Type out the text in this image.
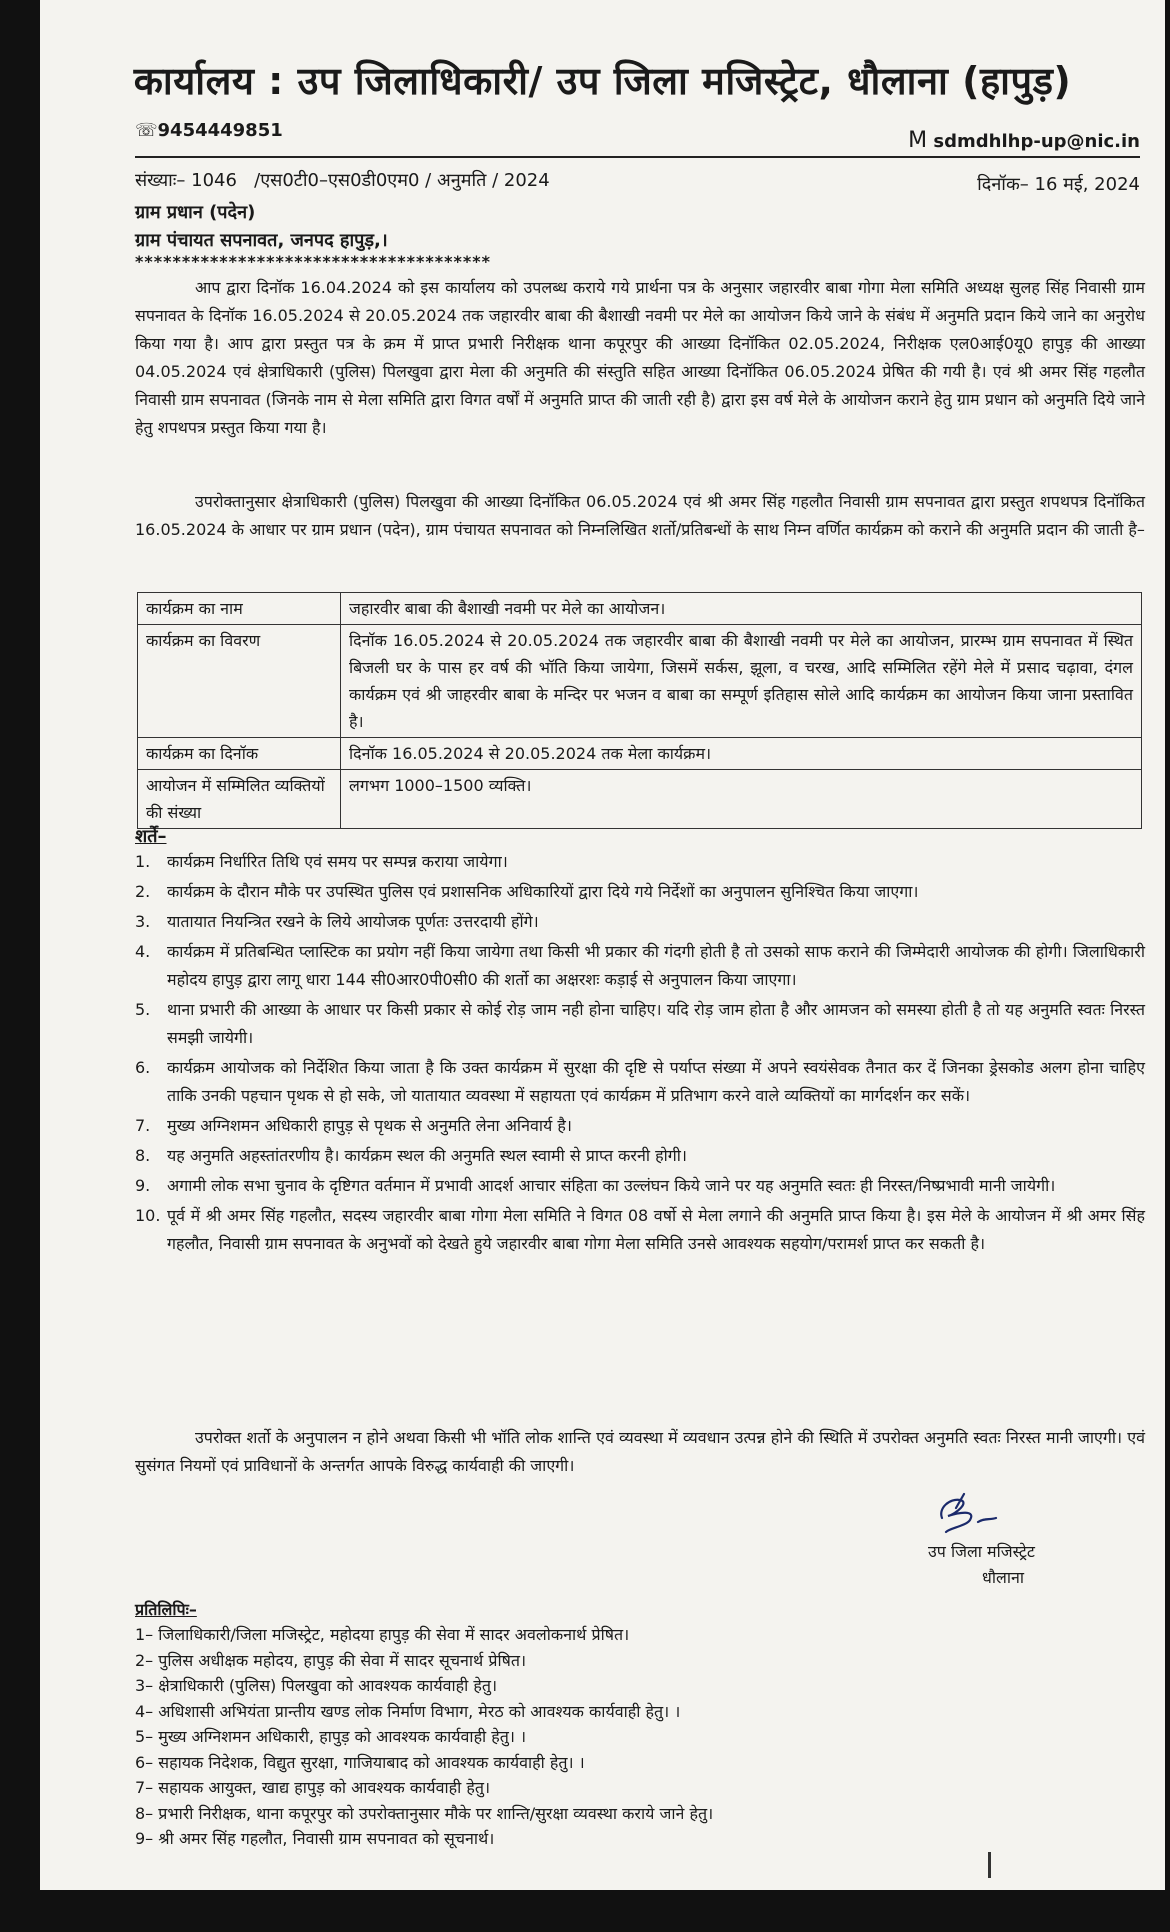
कार्यालय : उप जिलाधिकारी/ उप जिला मजिस्ट्रेट, धौलाना (हापुड़)
☏9454449851	M sdmdhlhp-up@nic.in
संख्याः– 1046   /एस0टी0–एस0डी0एम0 / अनुमति / 2024	दिनॉक– 16 मई, 2024
ग्राम प्रधान (पदेन)
ग्राम पंचायत सपनावत, जनपद हापुड़,।
**************************************
आप द्वारा दिनॉक 16.04.2024 को इस कार्यालय को उपलब्ध कराये गये प्रार्थना पत्र के अनुसार जहारवीर बाबा गोगा मेला समिति अध्यक्ष सुलह सिंह निवासी ग्राम सपनावत के दिनॉक 16.05.2024 से 20.05.2024 तक जहारवीर बाबा की बैशाखी नवमी पर मेले का आयोजन किये जाने के संबंध में अनुमति प्रदान किये जाने का अनुरोध किया गया है। आप द्वारा प्रस्तुत पत्र के क्रम में प्राप्त प्रभारी निरीक्षक थाना कपूरपुर की आख्या दिनॉकित 02.05.2024, निरीक्षक एल0आई0यू0 हापुड़ की आख्या 04.05.2024 एवं क्षेत्राधिकारी (पुलिस) पिलखुवा द्वारा मेला की अनुमति की संस्तुति सहित आख्या दिनॉकित 06.05.2024 प्रेषित की गयी है। एवं श्री अमर सिंह गहलौत निवासी ग्राम सपनावत (जिनके नाम से मेला समिति द्वारा विगत वर्षों में अनुमति प्राप्त की जाती रही है) द्वारा इस वर्ष मेले के आयोजन कराने हेतु ग्राम प्रधान को अनुमति दिये जाने हेतु शपथपत्र प्रस्तुत किया गया है।
उपरोक्तानुसार क्षेत्राधिकारी (पुलिस) पिलखुवा की आख्या दिनॉकित 06.05.2024 एवं श्री अमर सिंह गहलौत निवासी ग्राम सपनावत द्वारा प्रस्तुत शपथपत्र दिनॉकित 16.05.2024 के आधार पर ग्राम प्रधान (पदेन), ग्राम पंचायत सपनावत को निम्नलिखित शर्तो/प्रतिबन्धों के साथ निम्न वर्णित कार्यक्रम को कराने की अनुमति प्रदान की जाती है–
कार्यक्रम का नाम	जहारवीर बाबा की बैशाखी नवमी पर मेले का आयोजन।
कार्यक्रम का विवरण	दिनॉक 16.05.2024 से 20.05.2024 तक जहारवीर बाबा की बैशाखी नवमी पर मेले का आयोजन, प्रारम्भ ग्राम सपनावत में स्थित बिजली घर के पास हर वर्ष की भॉति किया जायेगा, जिसमें सर्कस, झूला, व चरख, आदि सम्मिलित रहेंगे मेले में प्रसाद चढ़ावा, दंगल कार्यक्रम एवं श्री जाहरवीर बाबा के मन्दिर पर भजन व बाबा का सम्पूर्ण इतिहास सोले आदि कार्यक्रम का आयोजन किया जाना प्रस्तावित है।
कार्यक्रम का दिनॉक	दिनॉक 16.05.2024 से 20.05.2024 तक मेला कार्यक्रम।
आयोजन में सम्मिलित व्यक्तियों की संख्या	लगभग 1000–1500 व्यक्ति।
शर्ते–
1. कार्यक्रम निर्धारित तिथि एवं समय पर सम्पन्न कराया जायेगा।
2. कार्यक्रम के दौरान मौके पर उपस्थित पुलिस एवं प्रशासनिक अधिकारियों द्वारा दिये गये निर्देशों का अनुपालन सुनिश्चित किया जाएगा।
3. यातायात नियन्त्रित रखने के लिये आयोजक पूर्णतः उत्तरदायी होंगे।
4. कार्यक्रम में प्रतिबन्धित प्लास्टिक का प्रयोग नहीं किया जायेगा तथा किसी भी प्रकार की गंदगी होती है तो उसको साफ कराने की जिम्मेदारी आयोजक की होगी। जिलाधिकारी महोदय हापुड़ द्वारा लागू धारा 144 सी0आर0पी0सी0 की शर्तो का अक्षरशः कड़ाई से अनुपालन किया जाएगा।
5. थाना प्रभारी की आख्या के आधार पर किसी प्रकार से कोई रोड़ जाम नही होना चाहिए। यदि रोड़ जाम होता है और आमजन को समस्या होती है तो यह अनुमति स्वतः निरस्त समझी जायेगी।
6. कार्यक्रम आयोजक को निर्देशित किया जाता है कि उक्त कार्यक्रम में सुरक्षा की दृष्टि से पर्याप्त संख्या में अपने स्वयंसेवक तैनात कर दें जिनका ड्रेसकोड अलग होना चाहिए ताकि उनकी पहचान पृथक से हो सके, जो यातायात व्यवस्था में सहायता एवं कार्यक्रम में प्रतिभाग करने वाले व्यक्तियों का मार्गदर्शन कर सकें।
7. मुख्य अग्निशमन अधिकारी हापुड़ से पृथक से अनुमति लेना अनिवार्य है।
8. यह अनुमति अहस्तांतरणीय है। कार्यक्रम स्थल की अनुमति स्थल स्वामी से प्राप्त करनी होगी।
9. अगामी लोक सभा चुनाव के दृष्टिगत वर्तमान में प्रभावी आदर्श आचार संहिता का उल्लंघन किये जाने पर यह अनुमति स्वतः ही निरस्त/निष्प्रभावी मानी जायेगी।
10. पूर्व में श्री अमर सिंह गहलौत, सदस्य जहारवीर बाबा गोगा मेला समिति ने विगत 08 वर्षो से मेला लगाने की अनुमति प्राप्त किया है। इस मेले के आयोजन में श्री अमर सिंह गहलौत, निवासी ग्राम सपनावत के अनुभवों को देखते हुये जहारवीर बाबा गोगा मेला समिति उनसे आवश्यक सहयोग/परामर्श प्राप्त कर सकती है।
उपरोक्त शर्तो के अनुपालन न होने अथवा किसी भी भॉति लोक शान्ति एवं व्यवस्था में व्यवधान उत्पन्न होने की स्थिति में उपरोक्त अनुमति स्वतः निरस्त मानी जाएगी। एवं सुसंगत नियमों एवं प्राविधानों के अन्तर्गत आपके विरुद्ध कार्यवाही की जाएगी।
उप जिला मजिस्ट्रेट
धौलाना
प्रतिलिपिः–
1– जिलाधिकारी/जिला मजिस्ट्रेट, महोदया हापुड़ की सेवा में सादर अवलोकनार्थ प्रेषित।
2– पुलिस अधीक्षक महोदय, हापुड़ की सेवा में सादर सूचनार्थ प्रेषित।
3– क्षेत्राधिकारी (पुलिस) पिलखुवा को आवश्यक कार्यवाही हेतु।
4– अधिशासी अभियंता प्रान्तीय खण्ड लोक निर्माण विभाग, मेरठ को आवश्यक कार्यवाही हेतु। ।
5– मुख्य अग्निशमन अधिकारी, हापुड़ को आवश्यक कार्यवाही हेतु। ।
6– सहायक निदेशक, विद्युत सुरक्षा, गाजियाबाद को आवश्यक कार्यवाही हेतु। ।
7– सहायक आयुक्त, खाद्य हापुड़ को आवश्यक कार्यवाही हेतु।
8– प्रभारी निरीक्षक, थाना कपूरपुर को उपरोक्तानुसार मौके पर शान्ति/सुरक्षा व्यवस्था कराये जाने हेतु।
9– श्री अमर सिंह गहलौत, निवासी ग्राम सपनावत को सूचनार्थ।
